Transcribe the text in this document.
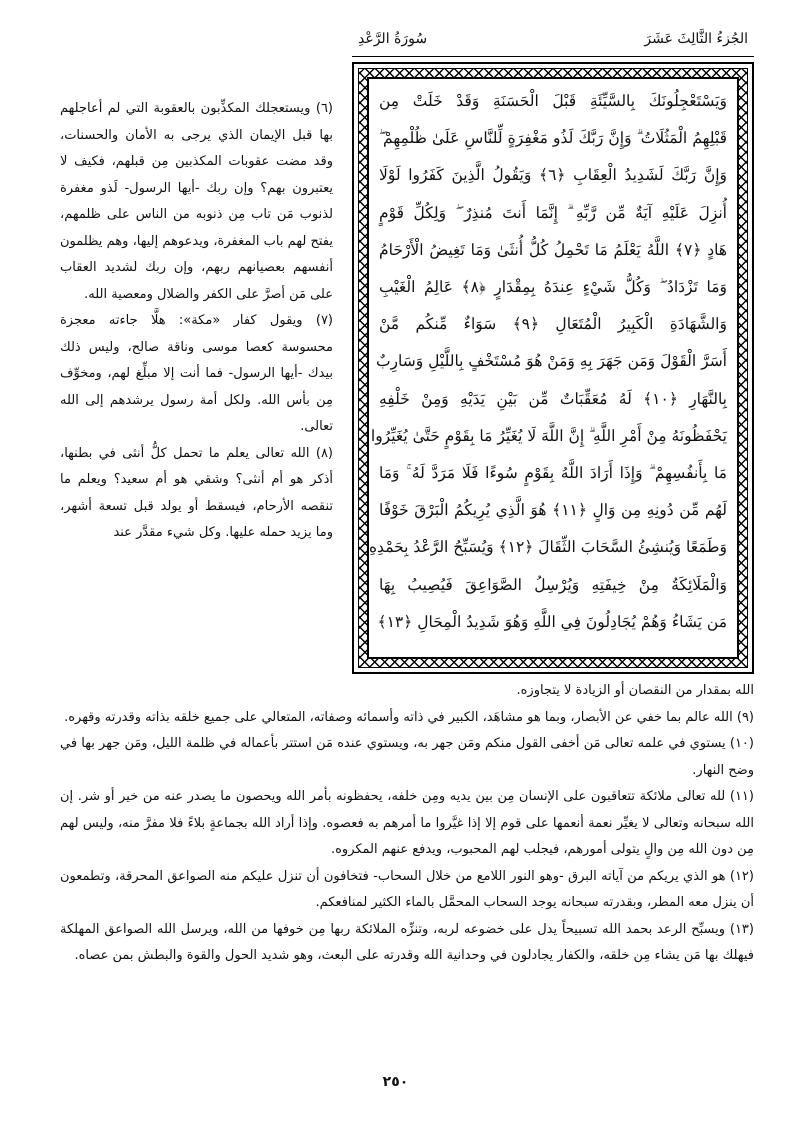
سُورَةُ الرَّعْدِ	الجُزءُ الثَّالِثَ عَشَرَ
وَيَسْتَعْجِلُونَكَ بِالسَّيِّئَةِ قَبْلَ الْحَسَنَةِ وَقَدْ خَلَتْ مِن
قَبْلِهِمُ الْمَثُلَاتُ ۗ وَإِنَّ رَبَّكَ لَذُو مَغْفِرَةٍ لِّلنَّاسِ عَلَىٰ ظُلْمِهِمْ ۖ
وَإِنَّ رَبَّكَ لَشَدِيدُ الْعِقَابِ ﴿٦﴾ وَيَقُولُ الَّذِينَ كَفَرُوا لَوْلَا
أُنزِلَ عَلَيْهِ آيَةٌ مِّن رَّبِّهِ ۗ إِنَّمَا أَنتَ مُنذِرٌ ۖ وَلِكُلِّ قَوْمٍ
هَادٍ ﴿٧﴾ اللَّهُ يَعْلَمُ مَا تَحْمِلُ كُلُّ أُنثَىٰ وَمَا تَغِيضُ الْأَرْحَامُ
وَمَا تَزْدَادُ ۖ وَكُلُّ شَيْءٍ عِندَهُ بِمِقْدَارٍ ﴿٨﴾ عَالِمُ الْغَيْبِ
وَالشَّهَادَةِ الْكَبِيرُ الْمُتَعَالِ ﴿٩﴾ سَوَاءٌ مِّنكُم مَّنْ
أَسَرَّ الْقَوْلَ وَمَن جَهَرَ بِهِ وَمَنْ هُوَ مُسْتَخْفٍ بِاللَّيْلِ وَسَارِبٌ
بِالنَّهَارِ ﴿١٠﴾ لَهُ مُعَقِّبَاتٌ مِّن بَيْنِ يَدَيْهِ وَمِنْ خَلْفِهِ
يَحْفَظُونَهُ مِنْ أَمْرِ اللَّهِ ۗ إِنَّ اللَّهَ لَا يُغَيِّرُ مَا بِقَوْمٍ حَتَّىٰ يُغَيِّرُوا
مَا بِأَنفُسِهِمْ ۗ وَإِذَا أَرَادَ اللَّهُ بِقَوْمٍ سُوءًا فَلَا مَرَدَّ لَهُ ۚ وَمَا
لَهُم مِّن دُونِهِ مِن وَالٍ ﴿١١﴾ هُوَ الَّذِي يُرِيكُمُ الْبَرْقَ خَوْفًا
وَطَمَعًا وَيُنشِئُ السَّحَابَ الثِّقَالَ ﴿١٢﴾ وَيُسَبِّحُ الرَّعْدُ بِحَمْدِهِ
وَالْمَلَائِكَةُ مِنْ خِيفَتِهِ وَيُرْسِلُ الصَّوَاعِقَ فَيُصِيبُ بِهَا
مَن يَشَاءُ وَهُمْ يُجَادِلُونَ فِي اللَّهِ وَهُوَ شَدِيدُ الْمِحَالِ ﴿١٣﴾

(٦) ويستعجلك المكذِّبون بالعقوبة التي لم أعاجلهم بها قبل الإيمان الذي يرجى به الأمان والحسنات، وقد مضت عقوبات المكذبين مِن قبلهم، فكيف لا يعتبرون بهم؟ وإن ربك -أيها الرسول- لَذو مغفرة لذنوب مَن تاب مِن ذنوبه من الناس على ظلمهم، يفتح لهم باب المغفرة، ويدعوهم إليها، وهم يظلمون أنفسهم بعصيانهم ربهم، وإن ربك لشديد العقاب على مَن أصرَّ على الكفر والضلال ومعصية الله.

(٧) ويقول كفار «مكة»: هلَّا جاءته معجزة محسوسة كعصا موسى وناقة صالح، وليس ذلك بيدك -أيها الرسول- فما أنت إلا مبلِّغ لهم، ومخوِّف مِن بأس الله. ولكل أمة رسول يرشدهم إلى الله تعالى.

(٨) الله تعالى يعلم ما تحمل كلُّ أنثى في بطنها، أذكر هو أم أنثى؟ وشقي هو أم سعيد؟ ويعلم ما تنقصه الأرحام، فيسقط أو يولد قبل تسعة أشهر، وما يزيد حمله عليها. وكل شيء مقدَّر عند

الله بمقدار من النقصان أو الزيادة لا يتجاوزه.

(٩) الله عالم بما خفي عن الأبصار، وبما هو مشاهَد، الكبير في ذاته وأسمائه وصفاته، المتعالي على جميع خلقه بذاته وقدرته وقهره.

(١٠) يستوي في علمه تعالى مَن أخفى القول منكم ومَن جهر به، ويستوي عنده مَن استتر بأعماله في ظلمة الليل، ومَن جهر بها في وضح النهار.

(١١) لله تعالى ملائكة تتعاقبون على الإنسان مِن بين يديه ومِن خلفه، يحفظونه بأمر الله ويحصون ما يصدر عنه من خير أو شر. إن الله سبحانه وتعالى لا يغيِّر نعمة أنعمها على قوم إلا إذا غيَّروا ما أمرهم به فعصوه. وإذا أراد الله بجماعةٍ بلاءً فلا مفرَّ منه، وليس لهم مِن دون الله مِن والٍ يتولى أمورهم، فيجلب لهم المحبوب، ويدفع عنهم المكروه.

(١٢) هو الذي يريكم من آياته البرق -وهو النور اللامع من خلال السحاب- فتخافون أن تنزل عليكم منه الصواعق المحرقة، وتطمعون أن ينزل معه المطر، وبقدرته سبحانه يوجد السحاب المحمَّل بالماء الكثير لمنافعكم.

(١٣) ويسبِّح الرعد بحمد الله تسبيحاً يدل على خضوعه لربه، وتنزِّه الملائكة ربها مِن خوفها من الله، ويرسل الله الصواعق المهلكة فيهلك بها مَن يشاء مِن خلقه، والكفار يجادلون في وحدانية الله وقدرته على البعث، وهو شديد الحول والقوة والبطش بمن عصاه.

٢٥٠
